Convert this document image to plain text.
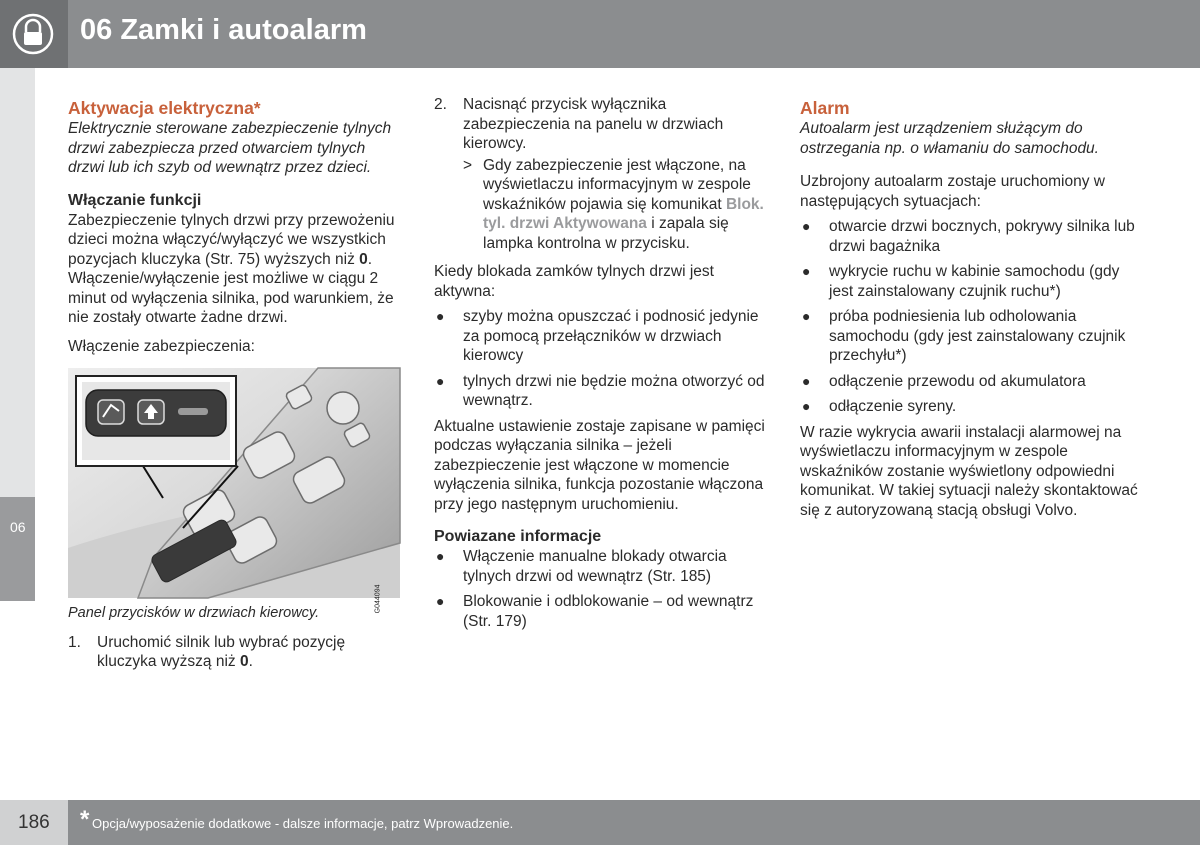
06 Zamki i autoalarm
06

Aktywacja elektryczna*

Elektrycznie sterowane zabezpieczenie tylnych drzwi zabezpiecza przed otwarciem tylnych drzwi lub ich szyb od wewnątrz przez dzieci.

Włączanie funkcji

Zabezpieczenie tylnych drzwi przy przewożeniu dzieci można włączyć/wyłączyć we wszystkich pozycjach kluczyka (Str. 75) wyższych niż 0. Włączenie/wyłączenie jest możliwe w ciągu 2 minut od wyłączenia silnika, pod warunkiem, że nie zostały otwarte żadne drzwi.

Włączenie zabezpieczenia:

G044094

Panel przycisków w drzwiach kierowcy.

1. Uruchomić silnik lub wybrać pozycję kluczyka wyższą niż 0.
2. Nacisnąć przycisk wyłącznika zabezpieczenia na panelu w drzwiach kierowcy.
> Gdy zabezpieczenie jest włączone, na wyświetlaczu informacyjnym w zespole wskaźników pojawia się komunikat Blok. tyl. drzwi Aktywowana i zapala się lampka kontrolna w przycisku.

Kiedy blokada zamków tylnych drzwi jest aktywna:

● szyby można opuszczać i podnosić jedynie za pomocą przełączników w drzwiach kierowcy
● tylnych drzwi nie będzie można otworzyć od wewnątrz.

Aktualne ustawienie zostaje zapisane w pamięci podczas wyłączania silnika – jeżeli zabezpieczenie jest włączone w momencie wyłączenia silnika, funkcja pozostanie włączona przy jego następnym uruchomieniu.

Powiazane informacje

● Włączenie manualne blokady otwarcia tylnych drzwi od wewnątrz (Str. 185)
● Blokowanie i odblokowanie – od wewnątrz (Str. 179)

Alarm

Autoalarm jest urządzeniem służącym do ostrzegania np. o włamaniu do samochodu.

Uzbrojony autoalarm zostaje uruchomiony w następujących sytuacjach:

● otwarcie drzwi bocznych, pokrywy silnika lub drzwi bagażnika
● wykrycie ruchu w kabinie samochodu (gdy jest zainstalowany czujnik ruchu*)
● próba podniesienia lub odholowania samochodu (gdy jest zainstalowany czujnik przechyłu*)
● odłączenie przewodu od akumulatora
● odłączenie syreny.

W razie wykrycia awarii instalacji alarmowej na wyświetlaczu informacyjnym w zespole wskaźników zostanie wyświetlony odpowiedni komunikat. W takiej sytuacji należy skontaktować się z autoryzowaną stacją obsługi Volvo.

186 * Opcja/wyposażenie dodatkowe - dalsze informacje, patrz Wprowadzenie.
